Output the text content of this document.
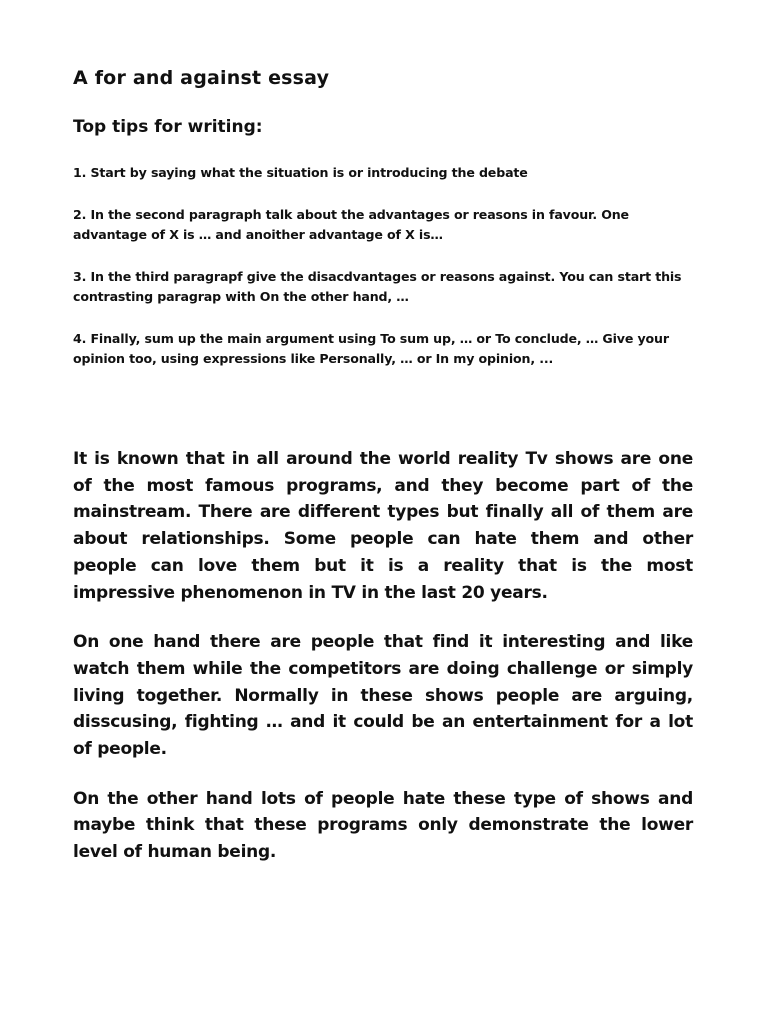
A for and against essay
Top tips for writing:
1. Start by saying what the situation is or introducing the debate
2. In the second paragraph talk about the advantages or reasons in favour. One advantage of X is … and anoither advantage of X is…
3. In the third paragrapf give the disacdvantages or reasons against. You can start this contrasting paragrap with On the other hand, …
4. Finally, sum up the main argument using To sum up, … or To conclude, … Give your opinion too, using expressions like Personally, … or In my opinion, ...

It is known that in all around the world reality Tv shows are one of the most famous programs, and they become part of the mainstream. There are different types but finally all of them are about relationships. Some people can hate them and other people can love them but it is a reality that is the most impressive phenomenon in TV in the last 20 years.

On one hand there are people that find it interesting and like watch them while the competitors are doing challenge or simply living together. Normally in these shows people are arguing, disscusing, fighting … and it could be an entertainment for a lot of people.

On the other hand lots of people hate these type of shows and maybe think that these programs only demonstrate the lower level of human being.
